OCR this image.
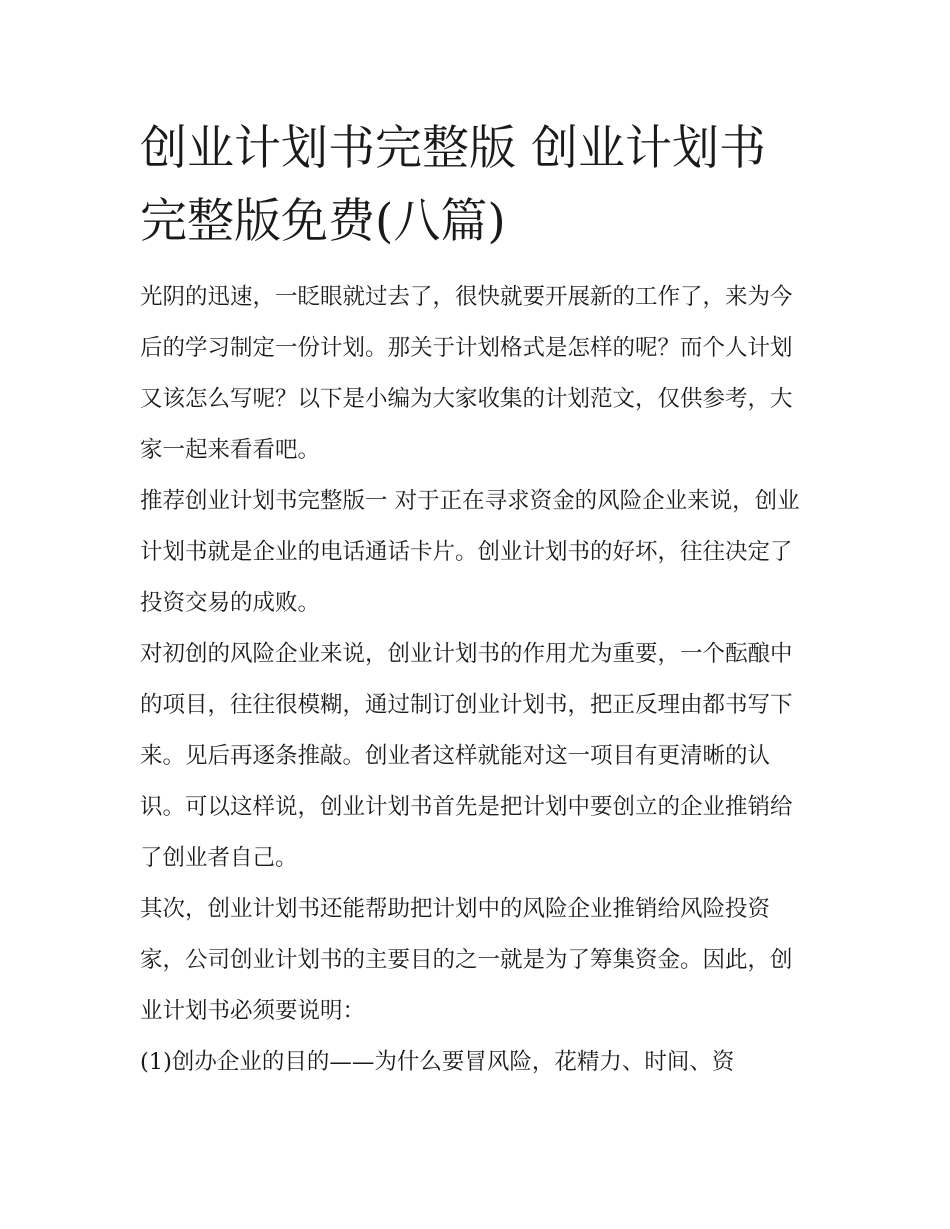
创业计划书完整版 创业计划书完整版免费(八篇)

光阴的迅速，一眨眼就过去了，很快就要开展新的工作了，来为今后的学习制定一份计划。那关于计划格式是怎样的呢？而个人计划又该怎么写呢？以下是小编为大家收集的计划范文，仅供参考，大家一起来看看吧。

推荐创业计划书完整版一 对于正在寻求资金的风险企业来说，创业计划书就是企业的电话通话卡片。创业计划书的好坏，往往决定了投资交易的成败。

对初创的风险企业来说，创业计划书的作用尤为重要，一个酝酿中的项目，往往很模糊，通过制订创业计划书，把正反理由都书写下来。见后再逐条推敲。创业者这样就能对这一项目有更清晰的认识。可以这样说，创业计划书首先是把计划中要创立的企业推销给了创业者自己。

其次，创业计划书还能帮助把计划中的风险企业推销给风险投资家，公司创业计划书的主要目的之一就是为了筹集资金。因此，创业计划书必须要说明：

(1)创办企业的目的——为什么要冒风险，花精力、时间、资
